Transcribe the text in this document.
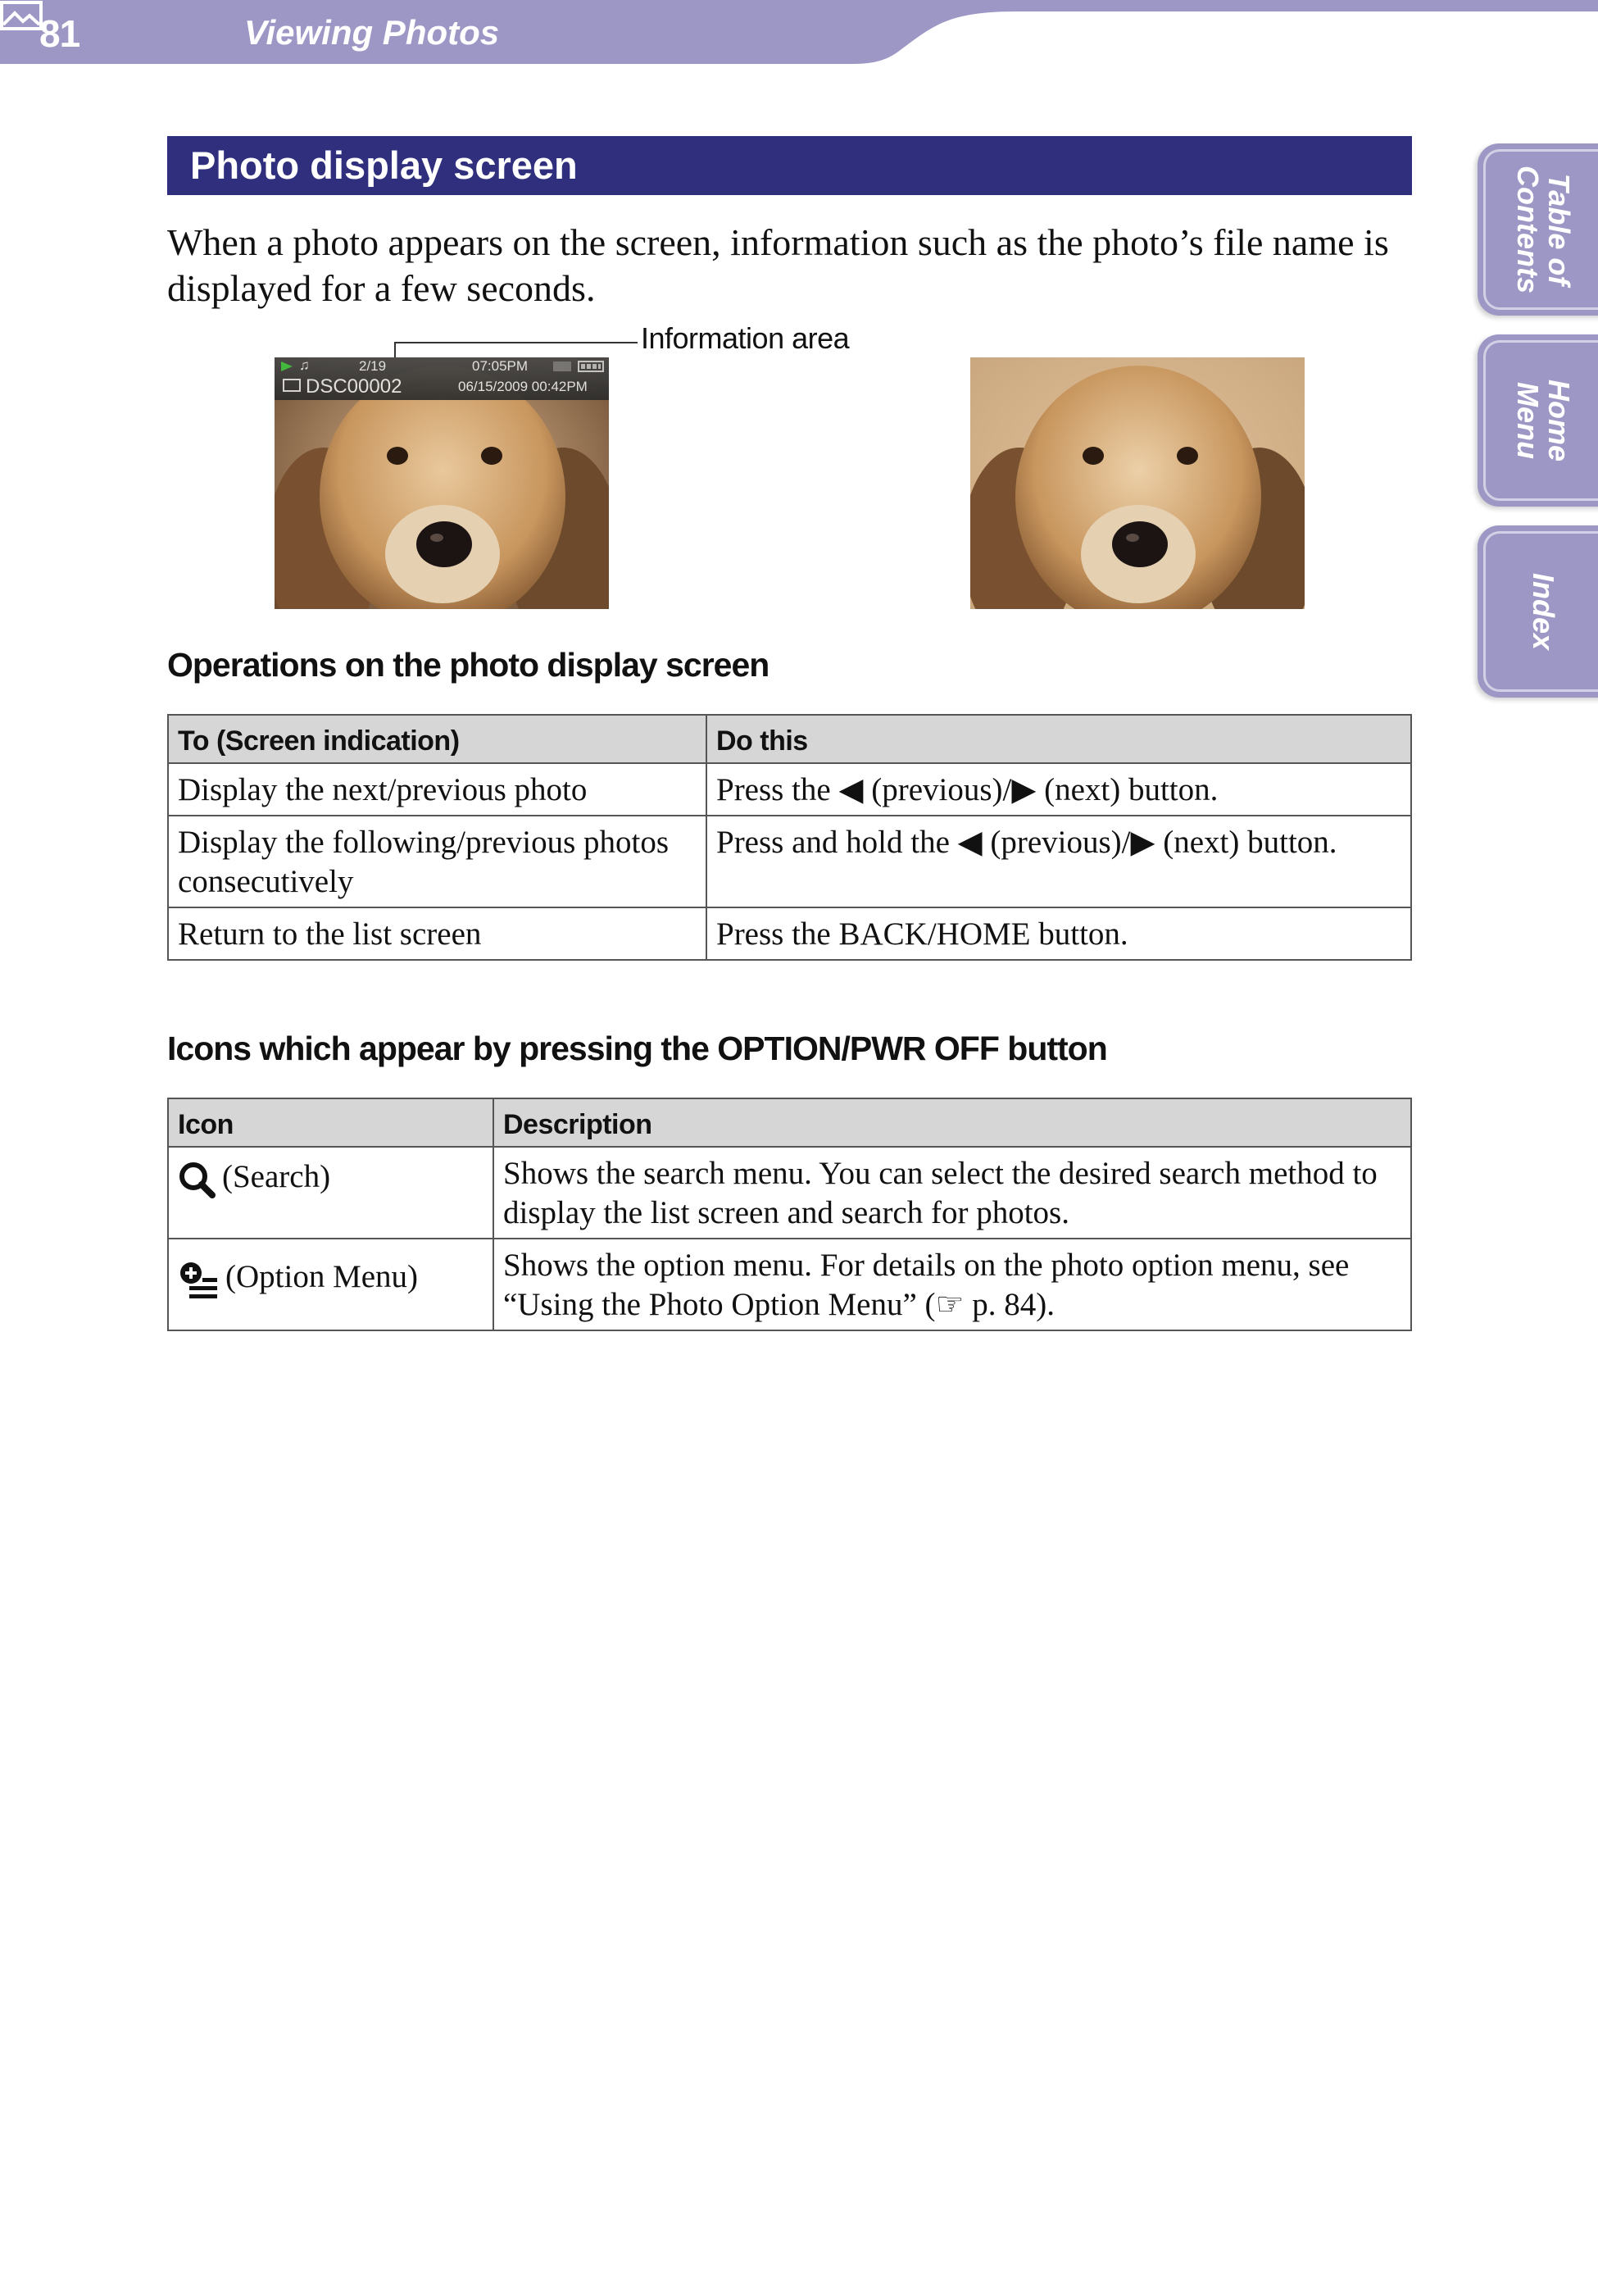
81	Viewing Photos
Table of
Contents
Home
Menu
Index
Photo display screen
When a photo appears on the screen, information such as the photo’s file name is displayed for a few seconds.
Information area
♫	2/19	07:05PM
DSC00002	06/15/2009 00:42PM
Operations on the photo display screen
To (Screen indication)	Do this
Display the next/previous photo	Press the ◀ (previous)/▶ (next) button.
Display the following/previous photos consecutively	Press and hold the ◀ (previous)/▶ (next) button.
Return to the list screen	Press the BACK/HOME button.
Icons which appear by pressing the OPTION/PWR OFF button
Icon	Description
(Search)	Shows the search menu. You can select the desired search method to display the list screen and search for photos.
(Option Menu)	Shows the option menu. For details on the photo option menu, see “Using the Photo Option Menu” (☞ p. 84).
